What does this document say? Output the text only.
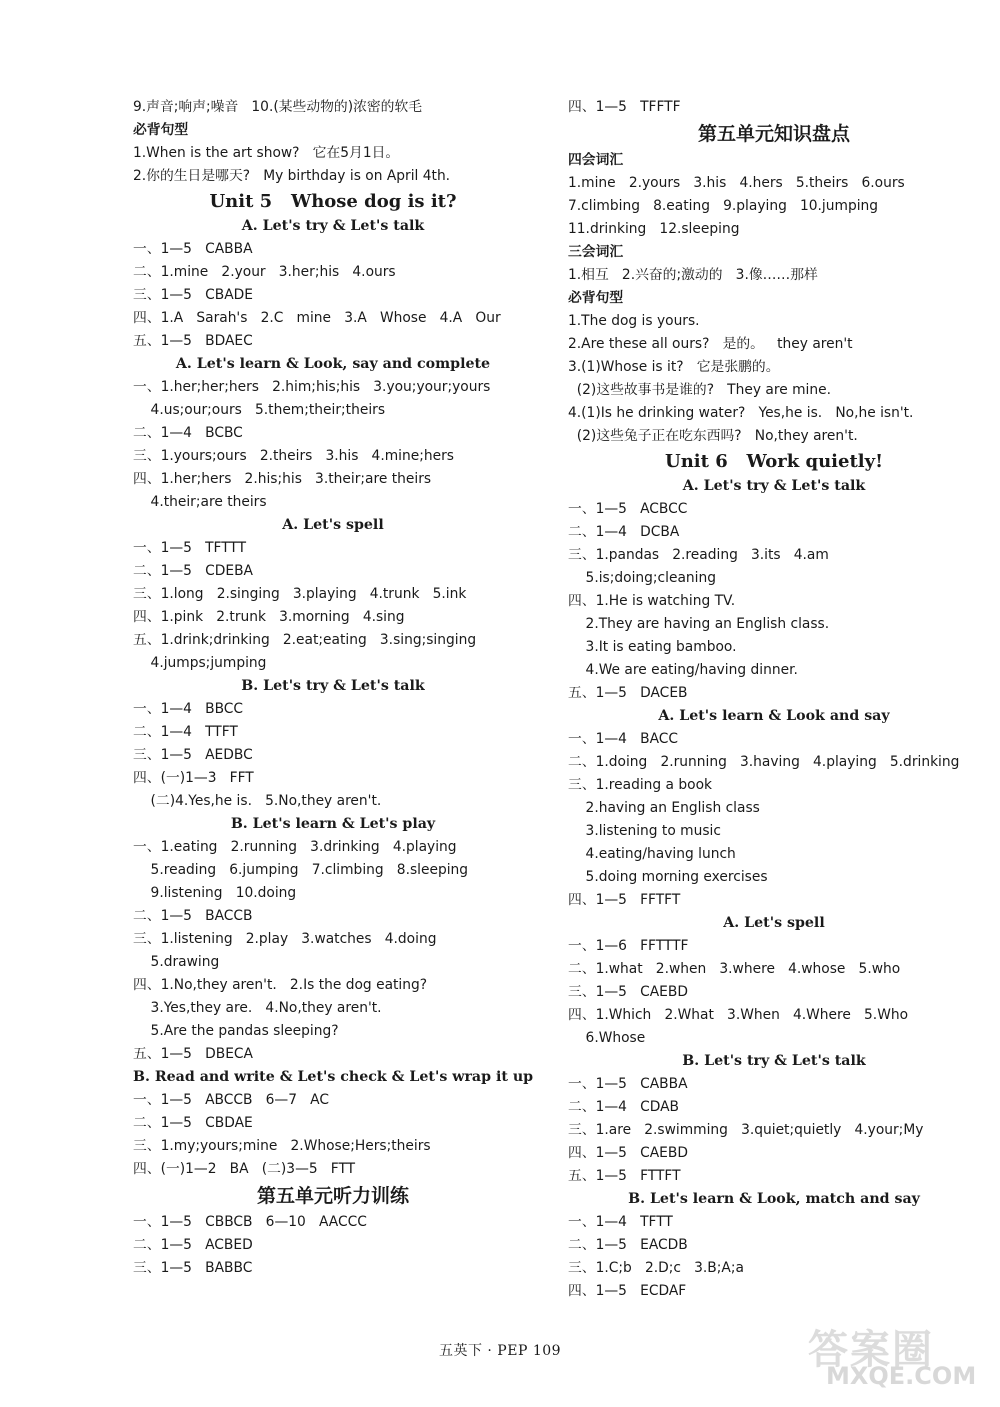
9.声音;响声;噪音   10.(某些动物的)浓密的软毛
必背句型
1.When is the art show?   它在5月1日。
2.你的生日是哪天?   My birthday is on April 4th.
Unit 5   Whose dog is it?
A. Let's try & Let's talk
一、1—5   CABBA
二、1.mine   2.your   3.her;his   4.ours
三、1—5   CBADE
四、1.A   Sarah's   2.C   mine   3.A   Whose   4.A   Our
五、1—5   BDAEC
A. Let's learn & Look, say and complete
一、1.her;her;hers   2.him;his;his   3.you;your;yours
4.us;our;ours   5.them;their;theirs
二、1—4   BCBC
三、1.yours;ours   2.theirs   3.his   4.mine;hers
四、1.her;hers   2.his;his   3.their;are theirs
4.their;are theirs
A. Let's spell
一、1—5   TFTTT
二、1—5   CDEBA
三、1.long   2.singing   3.playing   4.trunk   5.ink
四、1.pink   2.trunk   3.morning   4.sing
五、1.drink;drinking   2.eat;eating   3.sing;singing
4.jumps;jumping
B. Let's try & Let's talk
一、1—4   BBCC
二、1—4   TTFT
三、1—5   AEDBC
四、(一)1—3   FFT
(二)4.Yes,he is.   5.No,they aren't.
B. Let's learn & Let's play
一、1.eating   2.running   3.drinking   4.playing
5.reading   6.jumping   7.climbing   8.sleeping
9.listening   10.doing
二、1—5   BACCB
三、1.listening   2.play   3.watches   4.doing
5.drawing
四、1.No,they aren't.   2.Is the dog eating?
3.Yes,they are.   4.No,they aren't.
5.Are the pandas sleeping?
五、1—5   DBECA
B. Read and write & Let's check & Let's wrap it up
一、1—5   ABCCB   6—7   AC
二、1—5   CBDAE
三、1.my;yours;mine   2.Whose;Hers;theirs
四、(一)1—2   BA   (二)3—5   FTT
第五单元听力训练
一、1—5   CBBCB   6—10   AACCC
二、1—5   ACBED
三、1—5   BABBC
四、1—5   TFFTF
第五单元知识盘点
四会词汇
1.mine   2.yours   3.his   4.hers   5.theirs   6.ours
7.climbing   8.eating   9.playing   10.jumping
11.drinking   12.sleeping
三会词汇
1.相互   2.兴奋的;激动的   3.像……那样
必背句型
1.The dog is yours.
2.Are these all ours?   是的。   they aren't
3.(1)Whose is it?   它是张鹏的。
(2)这些故事书是谁的?   They are mine.
4.(1)Is he drinking water?   Yes,he is.   No,he isn't.
(2)这些兔子正在吃东西吗?   No,they aren't.
Unit 6   Work quietly!
A. Let's try & Let's talk
一、1—5   ACBCC
二、1—4   DCBA
三、1.pandas   2.reading   3.its   4.am
5.is;doing;cleaning
四、1.He is watching TV.
2.They are having an English class.
3.It is eating bamboo.
4.We are eating/having dinner.
五、1—5   DACEB
A. Let's learn & Look and say
一、1—4   BACC
二、1.doing   2.running   3.having   4.playing   5.drinking
三、1.reading a book
2.having an English class
3.listening to music
4.eating/having lunch
5.doing morning exercises
四、1—5   FFTFT
A. Let's spell
一、1—6   FFTTTF
二、1.what   2.when   3.where   4.whose   5.who
三、1—5   CAEBD
四、1.Which   2.What   3.When   4.Where   5.Who
6.Whose
B. Let's try & Let's talk
一、1—5   CABBA
二、1—4   CDAB
三、1.are   2.swimming   3.quiet;quietly   4.your;My
四、1—5   CAEBD
五、1—5   FTTFT
B. Let's learn & Look, match and say
一、1—4   TFTT
二、1—5   EACDB
三、1.C;b   2.D;c   3.B;A;a
四、1—5   ECDAF
五英下 · PEP 109	答案圈
MXQE.COM
